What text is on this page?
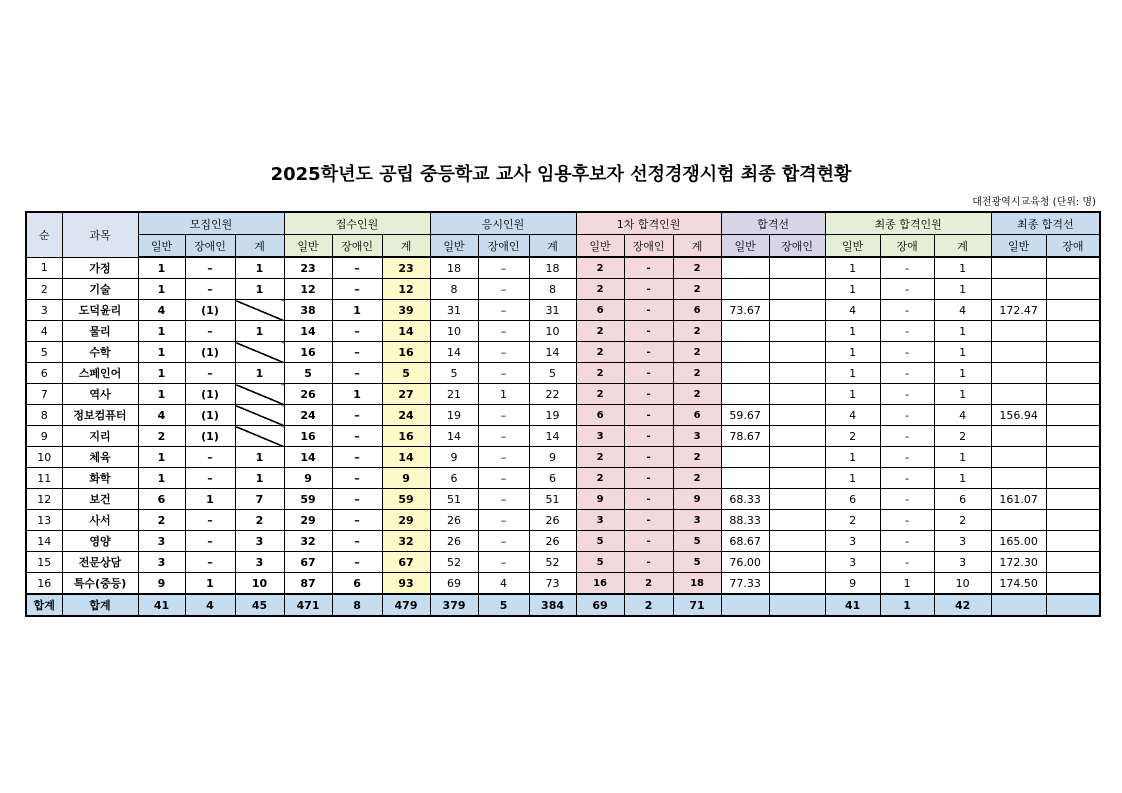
2025학년도 공립 중등학교 교사 임용후보자 선정경쟁시험 최종 합격현황
대전광역시교육청 (단위: 명)
순	과목	모집인원			접수인원			응시인원			1차 합격인원			합격선		최종 합격인원			최종 합격선	
		일반	장애인	계	일반	장애인	계	일반	장애인	계	일반	장애인	계	일반	장애인	일반	장애	계	일반	장애
1	가정	1	–	1	23	–	23	18	–	18	2	-	2			1	-	1		
2	기술	1	–	1	12	–	12	8	–	8	2	-	2			1	-	1		
3	도덕윤리	4	(1)		38	1	39	31	–	31	6	-	6	73.67		4	-	4	172.47	
4	물리	1	–	1	14	–	14	10	–	10	2	-	2			1	-	1		
5	수학	1	(1)		16	–	16	14	–	14	2	-	2			1	-	1		
6	스페인어	1	–	1	5	–	5	5	–	5	2	-	2			1	-	1		
7	역사	1	(1)		26	1	27	21	1	22	2	-	2			1	-	1		
8	정보컴퓨터	4	(1)		24	–	24	19	–	19	6	-	6	59.67		4	-	4	156.94	
9	지리	2	(1)		16	–	16	14	–	14	3	-	3	78.67		2	-	2		
10	체육	1	–	1	14	–	14	9	–	9	2	-	2			1	-	1		
11	화학	1	–	1	9	–	9	6	–	6	2	-	2			1	-	1		
12	보건	6	1	7	59	–	59	51	–	51	9	-	9	68.33		6	-	6	161.07	
13	사서	2	–	2	29	–	29	26	–	26	3	-	3	88.33		2	-	2		
14	영양	3	–	3	32	–	32	26	–	26	5	-	5	68.67		3	-	3	165.00	
15	전문상담	3	–	3	67	–	67	52	–	52	5	-	5	76.00		3	-	3	172.30	
16	특수(중등)	9	1	10	87	6	93	69	4	73	16	2	18	77.33		9	1	10	174.50	
합계	합계	41	4	45	471	8	479	379	5	384	69	2	71			41	1	42		
